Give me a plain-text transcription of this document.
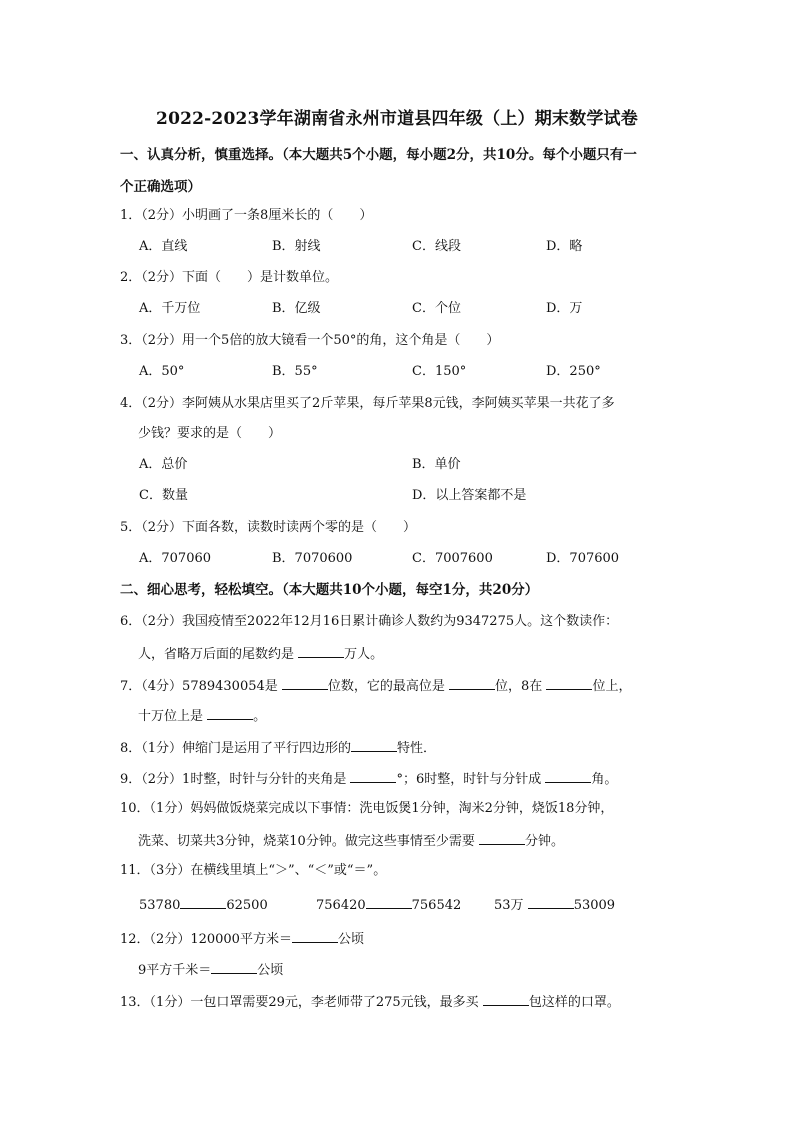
2022-2023学年湖南省永州市道县四年级（上）期末数学试卷
一、认真分析，慎重选择。（本大题共5个小题，每小题2分，共10分。每个小题只有一
个正确选项）
1．（2分）小明画了一条8厘米长的（　　）
A．直线	B．射线	C．线段	D．略
2．（2分）下面（　　）是计数单位。
A．千万位	B．亿级	C．个位	D．万
3．（2分）用一个5倍的放大镜看一个50°的角，这个角是（　　）
A．50°	B．55°	C．150°	D．250°
4．（2分）李阿姨从水果店里买了2斤苹果，每斤苹果8元钱，李阿姨买苹果一共花了多
少钱？要求的是（　　）
A．总价	B．单价
C．数量	D．以上答案都不是
5．（2分）下面各数，读数时读两个零的是（　　）
A．707060	B．7070600	C．7007600	D．707600
二、细心思考，轻松填空。（本大题共10个小题，每空1分，共20分）
6．（2分）我国疫情至2022年12月16日累计确诊人数约为9347275人。这个数读作：
人，省略万后面的尾数约是	万人。
7．（4分）5789430054是	位数，它的最高位是	位，8在	位上，
十万位上是	。
8．（1分）伸缩门是运用了平行四边形的	特性．
9．（2分）1时整，时针与分针的夹角是	°；6时整，时针与分针成	角。
10．（1分）妈妈做饭烧菜完成以下事情：洗电饭煲1分钟，淘米2分钟，烧饭18分钟，
洗菜、切菜共3分钟，烧菜10分钟。做完这些事情至少需要	分钟。
11．（3分）在横线里填上“＞”、“＜”或“＝”。
53780	62500	756420	756542	53万	53009
12．（2分）120000平方米＝	公顷
9平方千米＝	公顷
13．（1分）一包口罩需要29元，李老师带了275元钱，最多买	包这样的口罩。
